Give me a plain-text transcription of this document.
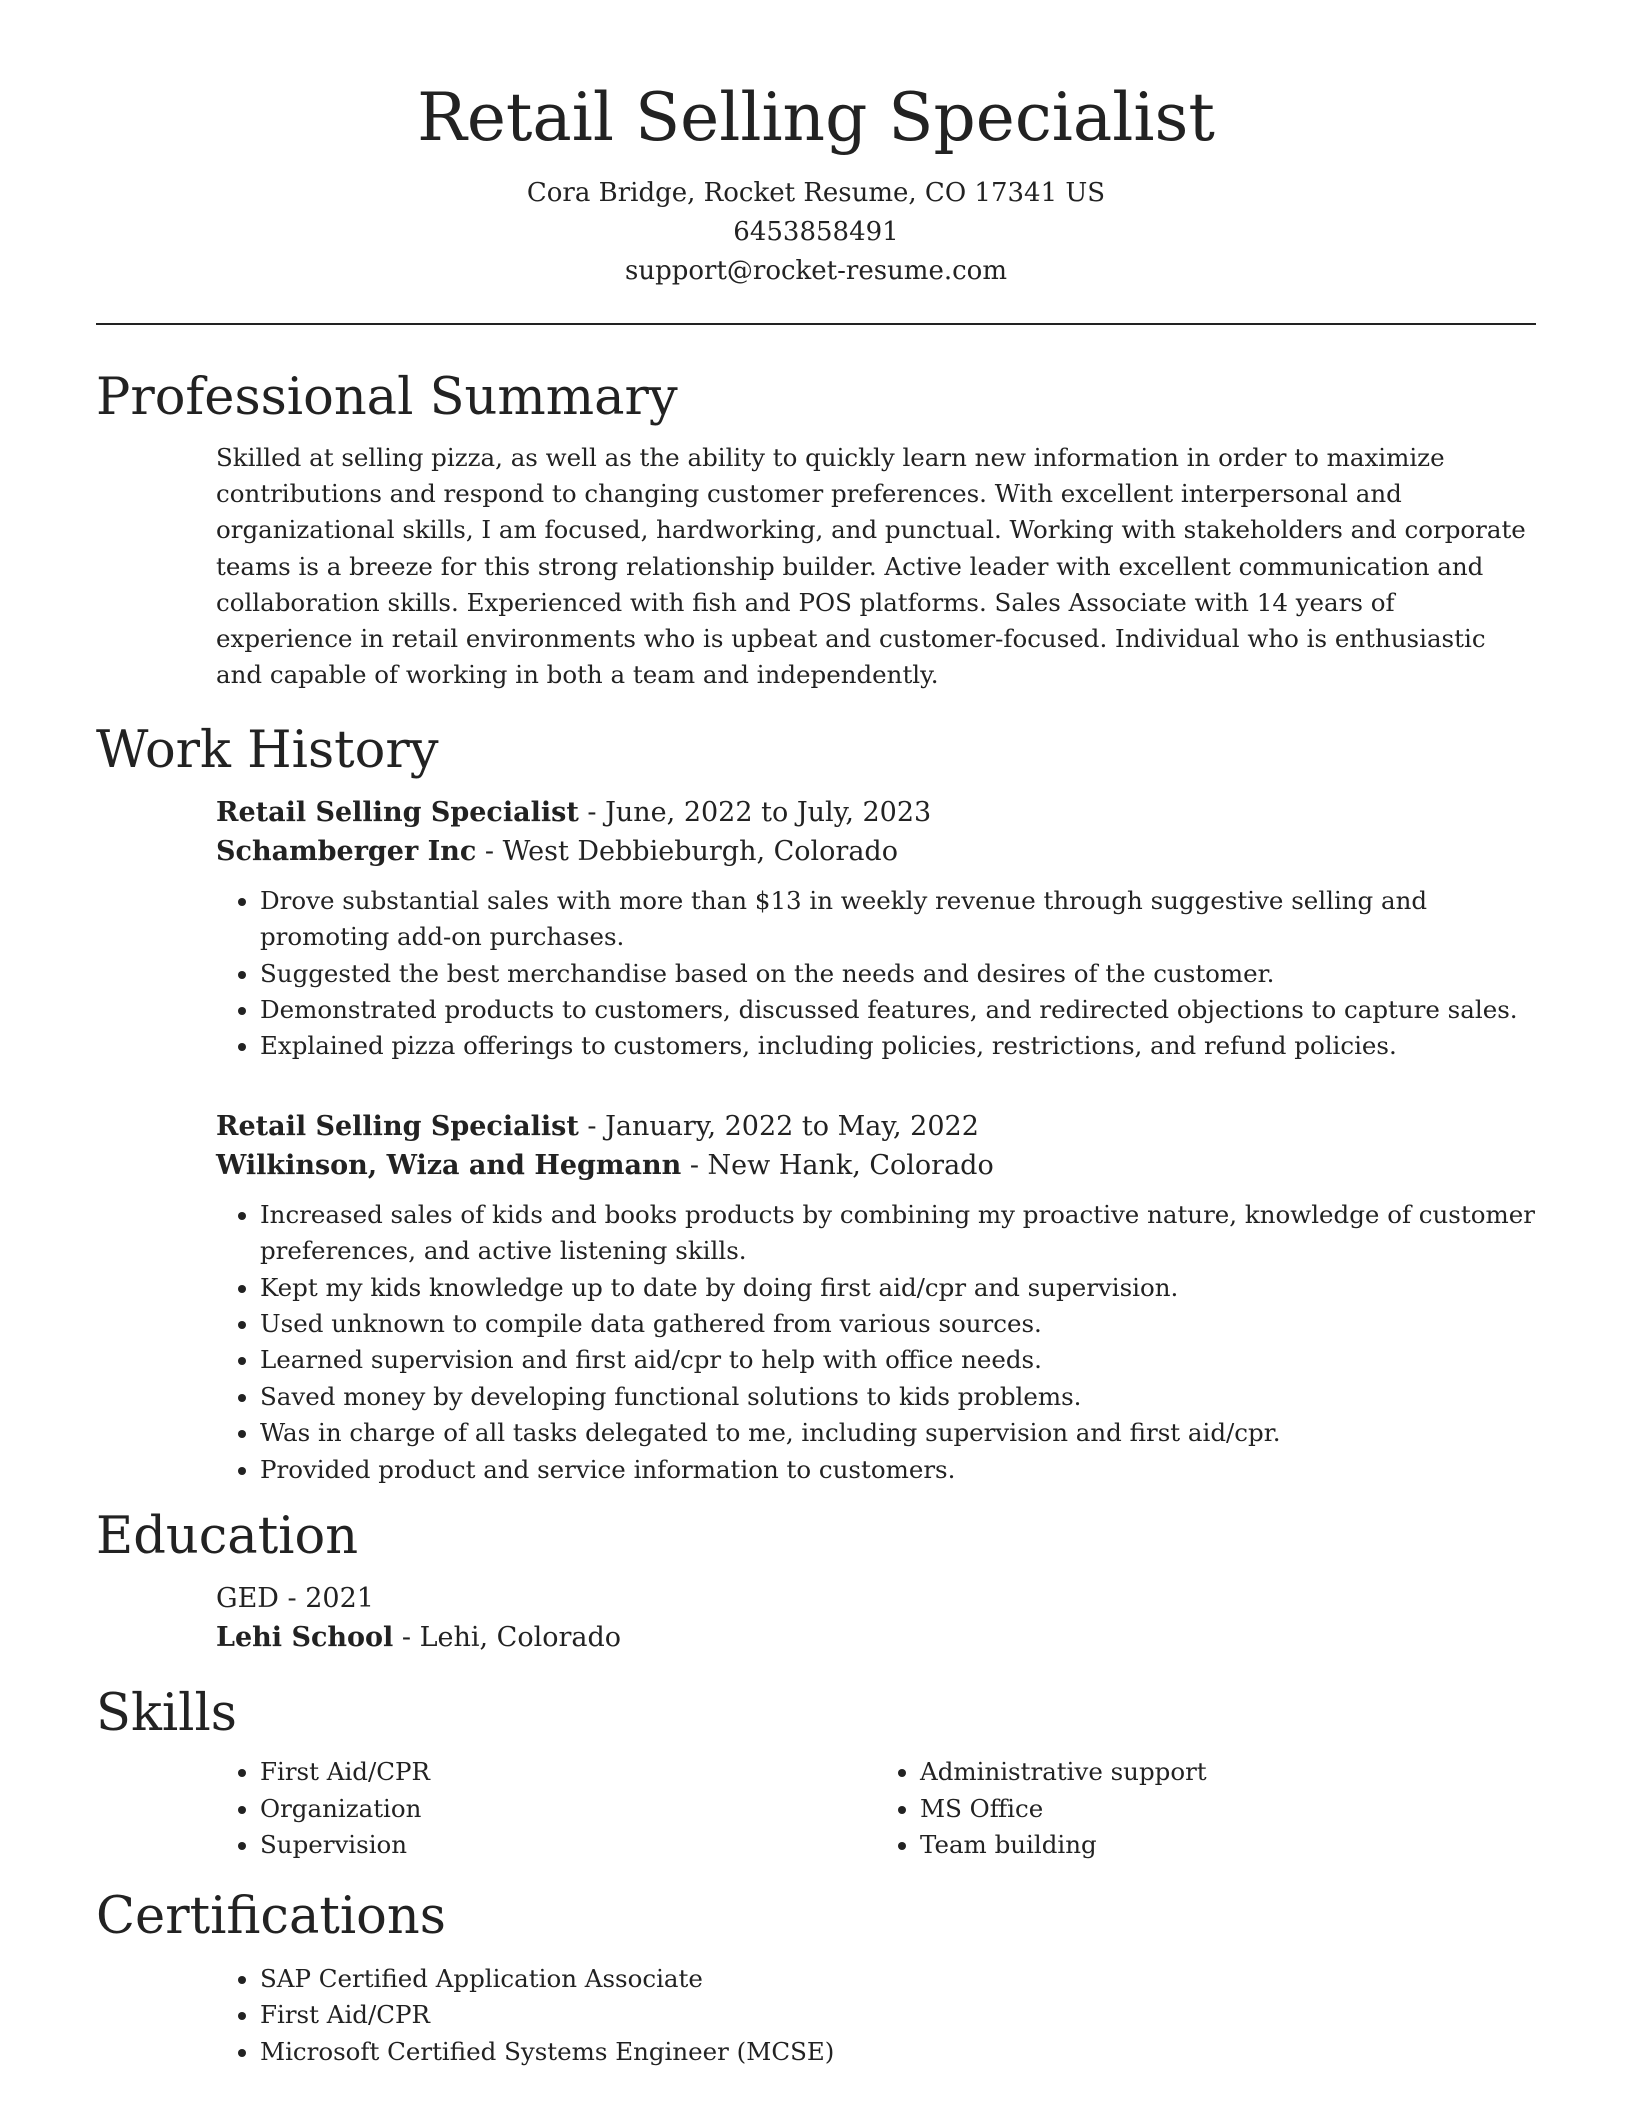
Retail Selling Specialist
Cora Bridge, Rocket Resume, CO 17341 US
6453858491
support@rocket-resume.com
Professional Summary

Skilled at selling pizza, as well as the ability to quickly learn new information in order to maximize contributions and respond to changing customer preferences. With excellent interpersonal and organizational skills, I am focused, hardworking, and punctual. Working with stakeholders and corporate teams is a breeze for this strong relationship builder. Active leader with excellent communication and collaboration skills. Experienced with fish and POS platforms. Sales Associate with 14 years of experience in retail environments who is upbeat and customer-focused. Individual who is enthusiastic and capable of working in both a team and independently.

Work History
Retail Selling Specialist - June, 2022 to July, 2023
Schamberger Inc - West Debbieburgh, Colorado
• Drove substantial sales with more than $13 in weekly revenue through suggestive selling and promoting add-on purchases.
• Suggested the best merchandise based on the needs and desires of the customer.
• Demonstrated products to customers, discussed features, and redirected objections to capture sales.
• Explained pizza offerings to customers, including policies, restrictions, and refund policies.
Retail Selling Specialist - January, 2022 to May, 2022
Wilkinson, Wiza and Hegmann - New Hank, Colorado
• Increased sales of kids and books products by combining my proactive nature, knowledge of customer preferences, and active listening skills.
• Kept my kids knowledge up to date by doing first aid/cpr and supervision.
• Used unknown to compile data gathered from various sources.
• Learned supervision and first aid/cpr to help with office needs.
• Saved money by developing functional solutions to kids problems.
• Was in charge of all tasks delegated to me, including supervision and first aid/cpr.
• Provided product and service information to customers.
Education
GED - 2021
Lehi School - Lehi, Colorado
Skills
• First Aid/CPR
• Organization
• Supervision
• Administrative support
• MS Office
• Team building
Certifications
• SAP Certified Application Associate
• First Aid/CPR
• Microsoft Certified Systems Engineer (MCSE)
